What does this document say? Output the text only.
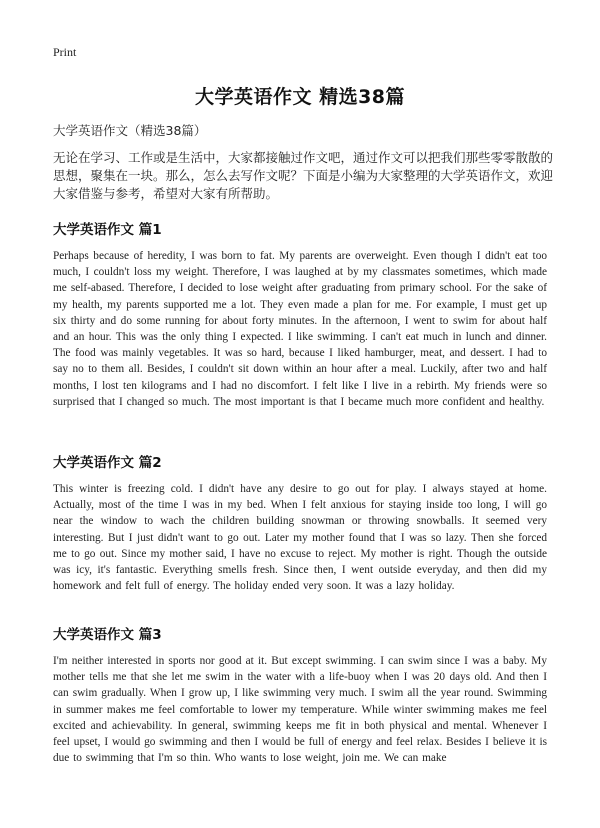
Print
大学英语作文 精选38篇
大学英语作文（精选38篇）
无论在学习、工作或是生活中，大家都接触过作文吧，通过作文可以把我们那些零零散散的思想，聚集在一块。那么，怎么去写作文呢？下面是小编为大家整理的大学英语作文，欢迎大家借鉴与参考，希望对大家有所帮助。
大学英语作文 篇1
Perhaps because of heredity, I was born to fat. My parents are overweight. Even though I didn't eat too much, I couldn't loss my weight. Therefore, I was laughed at by my classmates sometimes, which made me self-abased. Therefore, I decided to lose weight after graduating from primary school. For the sake of my health, my parents supported me a lot. They even made a plan for me. For example, I must get up six thirty and do some running for about forty minutes. In the afternoon, I went to swim for about half and an hour. This was the only thing I expected. I like swimming. I can't eat much in lunch and dinner. The food was mainly vegetables. It was so hard, because I liked hamburger, meat, and dessert. I had to say no to them all. Besides, I couldn't sit down within an hour after a meal. Luckily, after two and half months, I lost ten kilograms and I had no discomfort. I felt like I live in a rebirth. My friends were so surprised that I changed so much. The most important is that I became much more confident and healthy.
大学英语作文 篇2
This winter is freezing cold. I didn't have any desire to go out for play. I always stayed at home. Actually, most of the time I was in my bed. When I felt anxious for staying inside too long, I will go near the window to wach the children building snowman or throwing snowballs. It seemed very interesting. But I just didn't want to go out. Later my mother found that I was so lazy. Then she forced me to go out. Since my mother said, I have no excuse to reject. My mother is right. Though the outside was icy, it's fantastic. Everything smells fresh. Since then, I went outside everyday, and then did my homework and felt full of energy. The holiday ended very soon. It was a lazy holiday.
大学英语作文 篇3
I'm neither interested in sports nor good at it. But except swimming. I can swim since I was a baby. My mother tells me that she let me swim in the water with a life-buoy when I was 20 days old. And then I can swim gradually. When I grow up, I like swimming very much. I swim all the year round. Swimming in summer makes me feel comfortable to lower my temperature. While winter swimming makes me feel excited and achievability. In general, swimming keeps me fit in both physical and mental. Whenever I feel upset, I would go swimming and then I would be full of energy and feel relax. Besides I believe it is due to swimming that I'm so thin. Who wants to lose weight, join me. We can make
